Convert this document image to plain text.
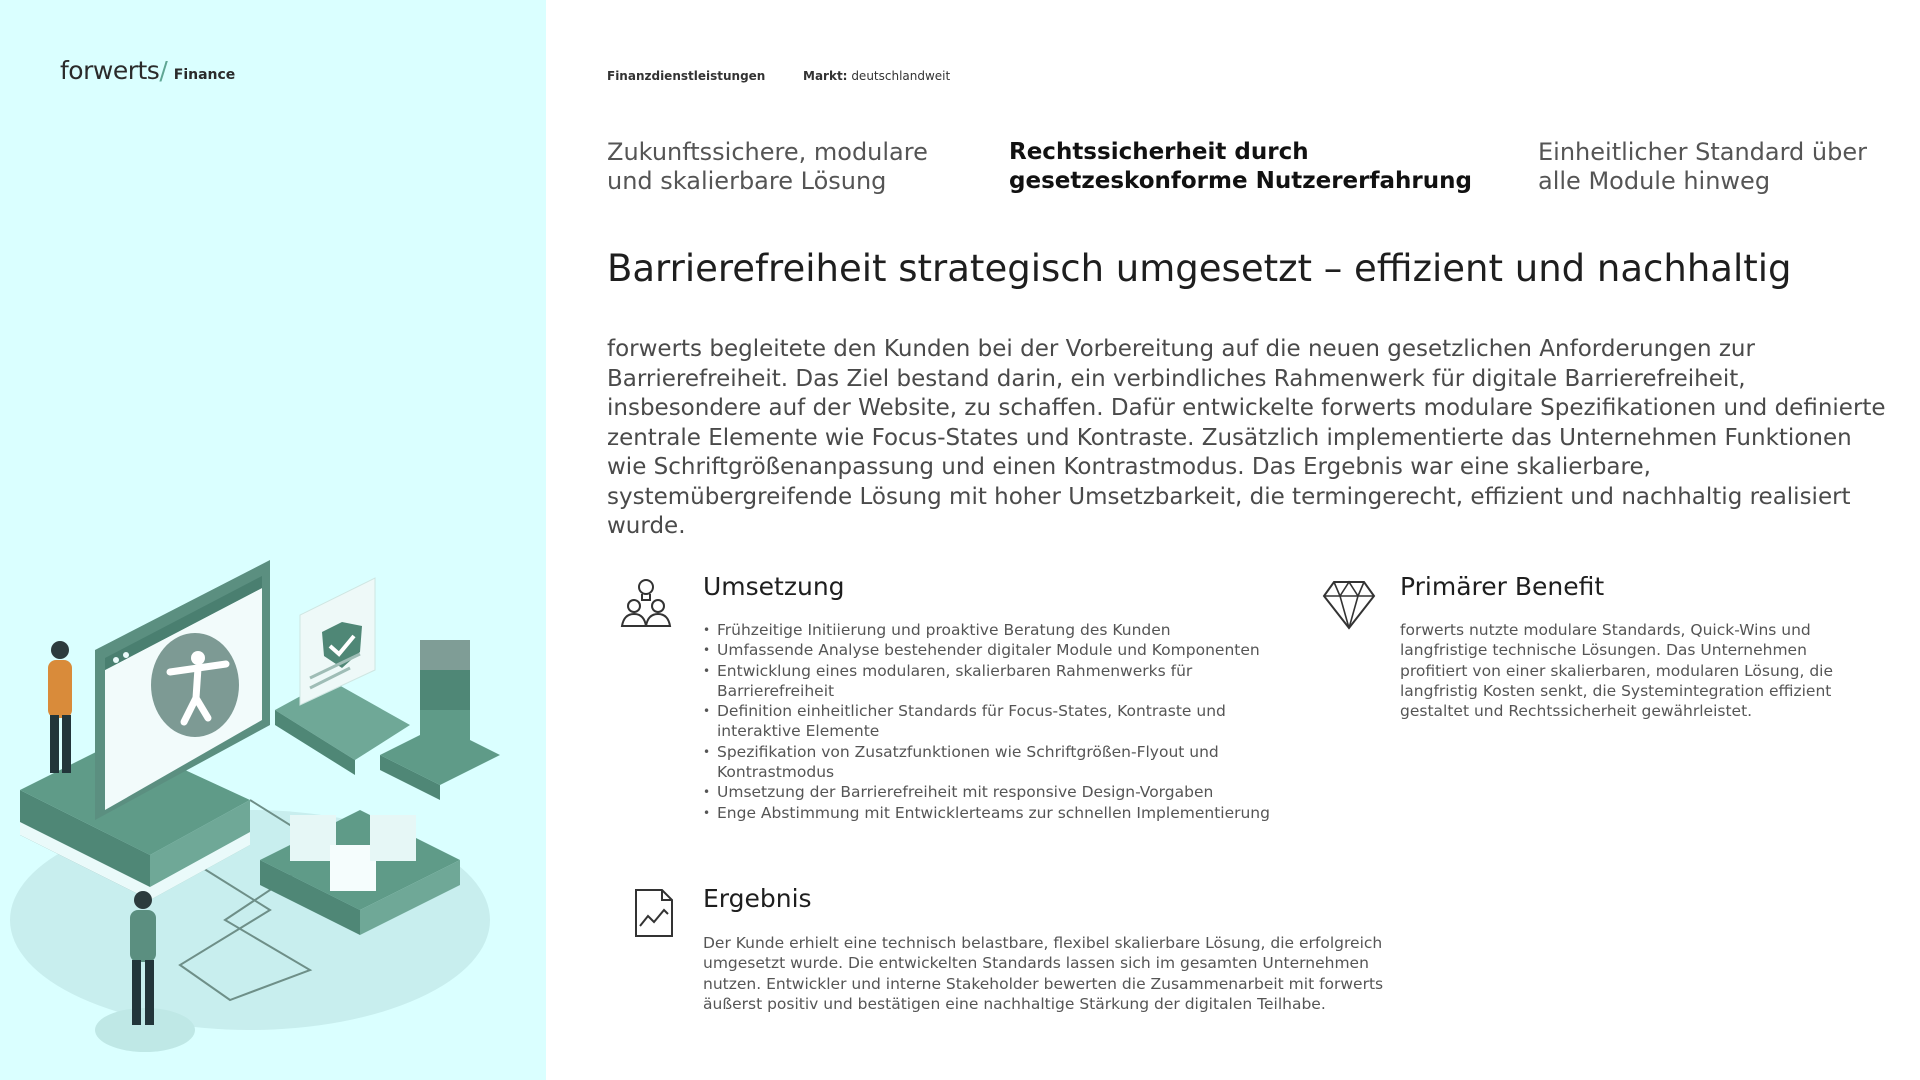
forwerts/ Finance	Finanzdienstleistungen	Markt: deutschlandweit
Zukunftssichere, modulare und skalierbare Lösung
Rechtssicherheit durch gesetzeskonforme Nutzererfahrung
Einheitlicher Standard über alle Module hinweg
Barrierefreiheit strategisch umgesetzt – effizient und nachhaltig

forwerts begleitete den Kunden bei der Vorbereitung auf die neuen gesetzlichen Anforderungen zur Barrierefreiheit. Das Ziel bestand darin, ein verbindliches Rahmenwerk für digitale Barrierefreiheit, insbesondere auf der Website, zu schaffen. Dafür entwickelte forwerts modulare Spezifikationen und definierte zentrale Elemente wie Focus-States und Kontraste. Zusätzlich implementierte das Unternehmen Funktionen wie Schriftgrößenanpassung und einen Kontrastmodus. Das Ergebnis war eine skalierbare, systemübergreifende Lösung mit hoher Umsetzbarkeit, die termingerecht, effizient und nachhaltig realisiert wurde.

Umsetzung
• Frühzeitige Initiierung und proaktive Beratung des Kunden
• Umfassende Analyse bestehender digitaler Module und Komponenten
• Entwicklung eines modularen, skalierbaren Rahmenwerks für Barrierefreiheit
• Definition einheitlicher Standards für Focus-States, Kontraste und interaktive Elemente
• Spezifikation von Zusatzfunktionen wie Schriftgrößen-Flyout und Kontrastmodus
• Umsetzung der Barrierefreiheit mit responsive Design-Vorgaben
• Enge Abstimmung mit Entwicklerteams zur schnellen Implementierung
Primärer Benefit

forwerts nutzte modulare Standards, Quick-Wins und langfristige technische Lösungen. Das Unternehmen profitiert von einer skalierbaren, modularen Lösung, die langfristig Kosten senkt, die Systemintegration effizient gestaltet und Rechtssicherheit gewährleistet.

Ergebnis

Der Kunde erhielt eine technisch belastbare, flexibel skalierbare Lösung, die erfolgreich umgesetzt wurde. Die entwickelten Standards lassen sich im gesamten Unternehmen nutzen. Entwickler und interne Stakeholder bewerten die Zusammenarbeit mit forwerts äußerst positiv und bestätigen eine nachhaltige Stärkung der digitalen Teilhabe.
